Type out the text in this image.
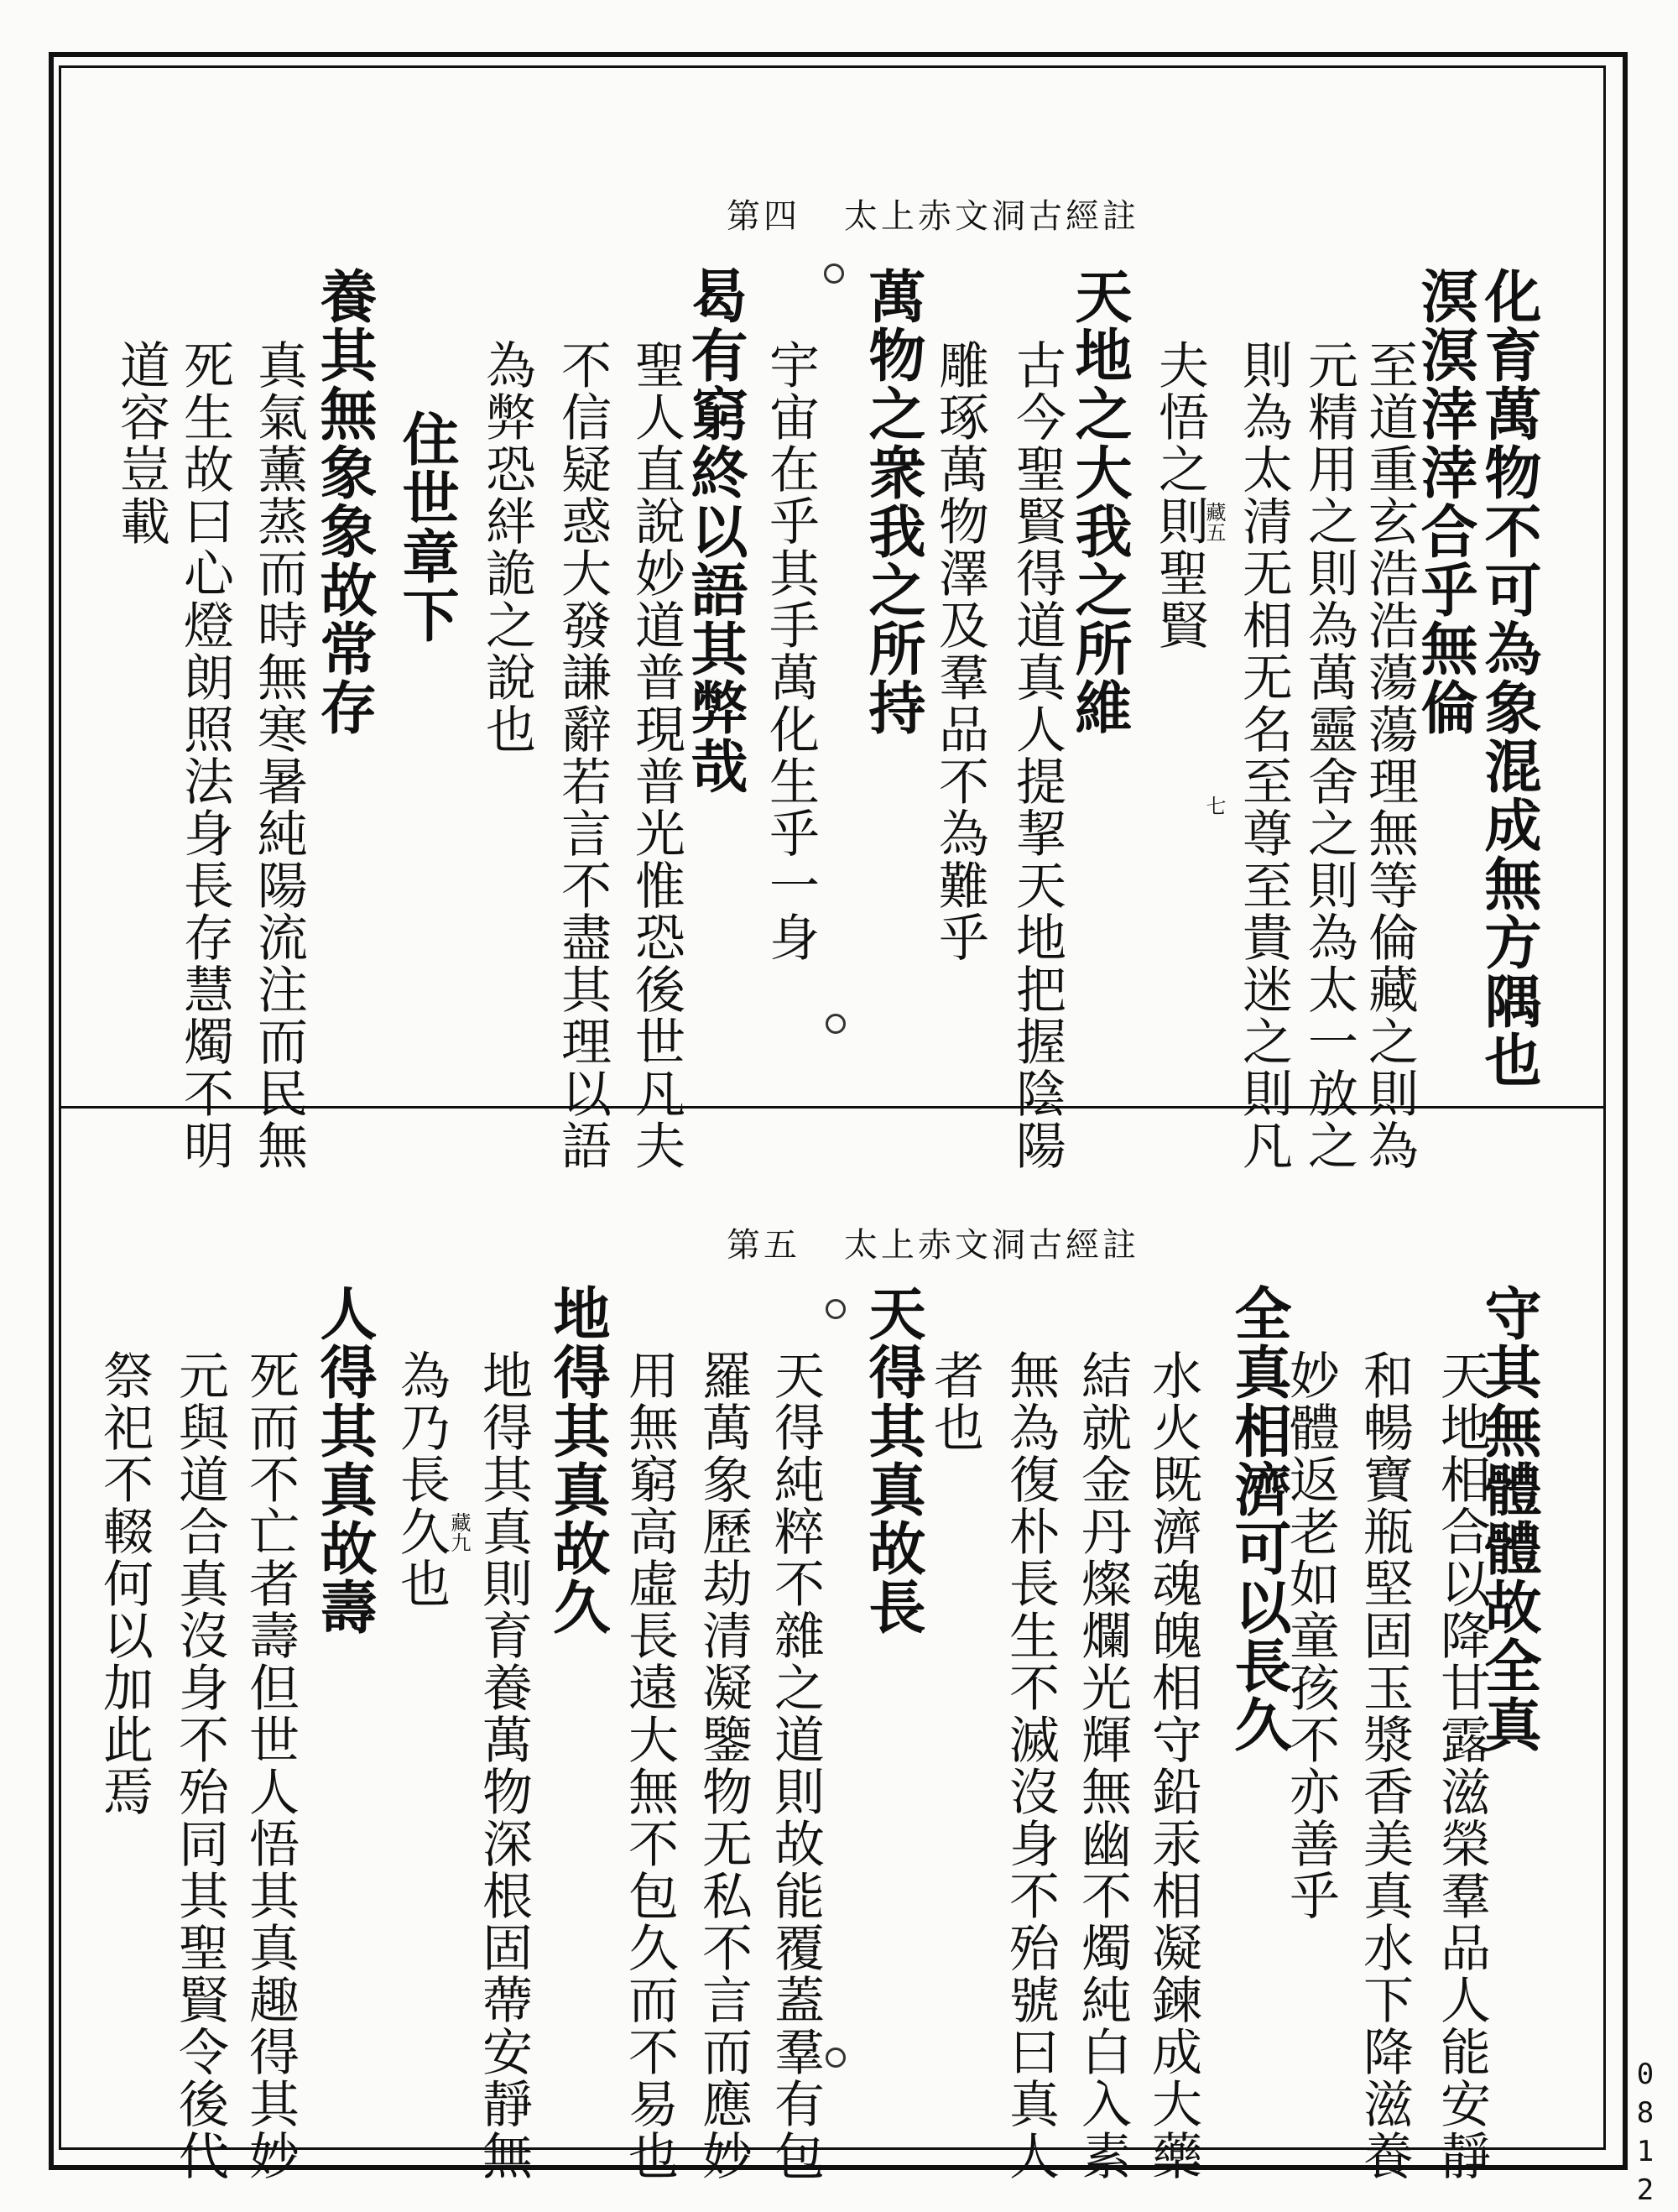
太上赤文洞古經註
第四
化育萬物不可為象混成無方隅也
溟溟涬涬合乎無倫
至道重玄浩浩蕩蕩理無等倫藏之則為
元精用之則為萬靈舍之則為太一放之
則為太清无相无名至尊至貴迷之則凡
夫悟之則聖賢
天地之大我之所維
古今聖賢得道真人提挈天地把握陰陽
雕琢萬物澤及羣品不為難乎
萬物之衆我之所持
宇宙在乎其手萬化生乎一身
曷有窮終以語其弊哉
聖人直說妙道普現普光惟恐後世凡夫
不信疑惑大發謙辭若言不盡其理以語
為弊恐絆詭之說也
住世章下
養其無象象故常存
真氣薰蒸而時無寒暑純陽流注而民無
死生故曰心燈朗照法身長存慧燭不明
道容豈載	藏五
七
太上赤文洞古經註
第五
守其無體體故全真
天地相合以降甘露滋榮羣品人能安靜
和暢寶瓶堅固玉漿香美真水下降滋養
妙體返老如童孩不亦善乎
全真相濟可以長久
水火既濟魂魄相守鉛汞相凝鍊成大藥
結就金丹燦爛光輝無幽不燭純白入素
無為復朴長生不滅沒身不殆號曰真人
者也
天得其真故長
天得純粹不雜之道則故能覆蓋羣有包
羅萬象歷劫清凝鑒物无私不言而應妙
用無窮高虛長遠大無不包久而不易也
地得其真故久
地得其真則育養萬物深根固蔕安靜無
為乃長久也
人得其真故壽
死而不亡者壽但世人悟其真趣得其妙
元與道合真沒身不殆同其聖賢令後代
祭祀不輟何以加此焉	藏九
0812
